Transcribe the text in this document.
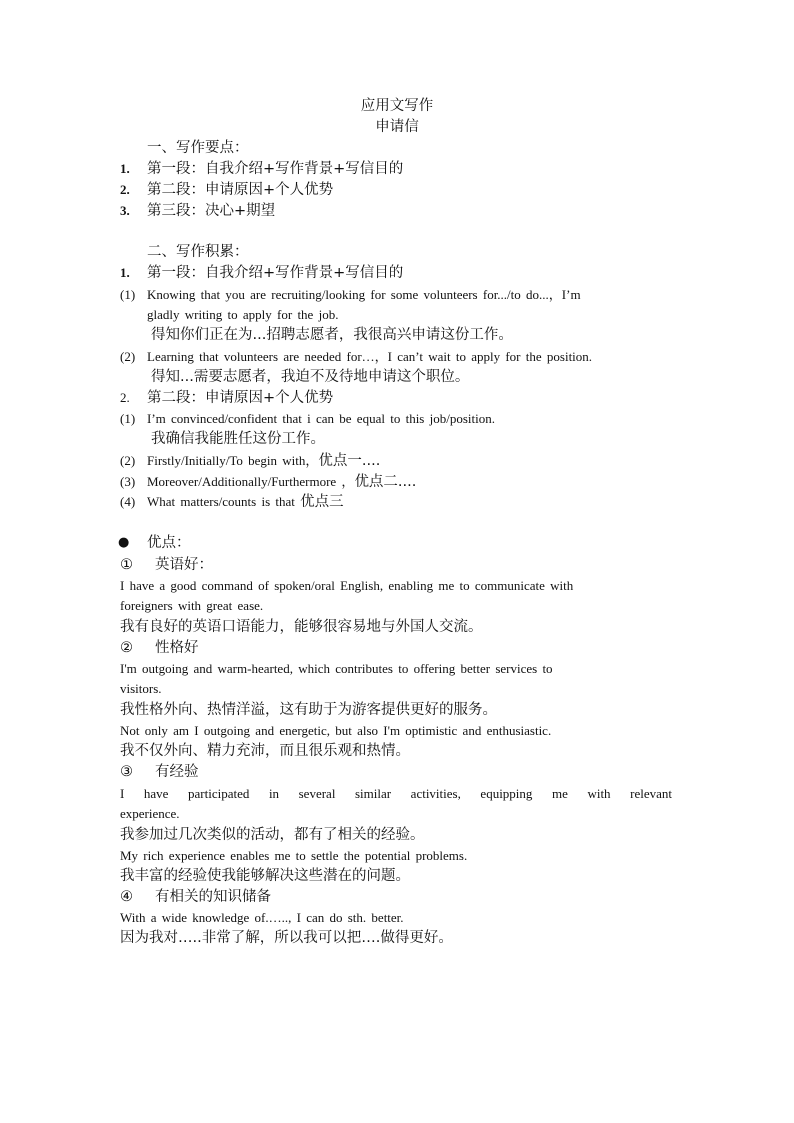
应用文写作
申请信
一、写作要点：
1. 第一段：自我介绍+写作背景+写信目的
2. 第二段：申请原因+个人优势
3. 第三段：决心+期望
二、写作积累：
1. 第一段：自我介绍+写作背景+写信目的
(1) Knowing that you are recruiting/looking for some volunteers for.../to do...，I’m
gladly writing to apply for the job.
得知你们正在为...招聘志愿者，我很高兴申请这份工作。
(2) Learning that volunteers are needed for…，I can’t wait to apply for the position.
得知...需要志愿者，我迫不及待地申请这个职位。
2. 第二段：申请原因+个人优势
(1) I’m convinced/confident that i can be equal to this job/position.
我确信我能胜任这份工作。
(2) Firstly/Initially/To begin with，优点一....
(3) Moreover/Additionally/Furthermore ，优点二....
(4) What matters/counts is that 优点三
● 优点：
① 英语好：
I have a good command of spoken/oral English, enabling me to communicate with
foreigners with great ease.
我有良好的英语口语能力，能够很容易地与外国人交流。
② 性格好
I'm outgoing and warm-hearted, which contributes to offering better services to
visitors.
我性格外向、热情洋溢，这有助于为游客提供更好的服务。
Not only am I outgoing and energetic, but also I'm optimistic and enthusiastic.
我不仅外向、精力充沛，而且很乐观和热情。
③ 有经验
I have participated in several similar activities, equipping me with relevant
experience.
我参加过几次类似的活动，都有了相关的经验。
My rich experience enables me to settle the potential problems.
我丰富的经验使我能够解决这些潜在的问题。
④ 有相关的知识储备
With a wide knowledge of.….., I can do sth. better.
因为我对…..非常了解，所以我可以把….做得更好。
